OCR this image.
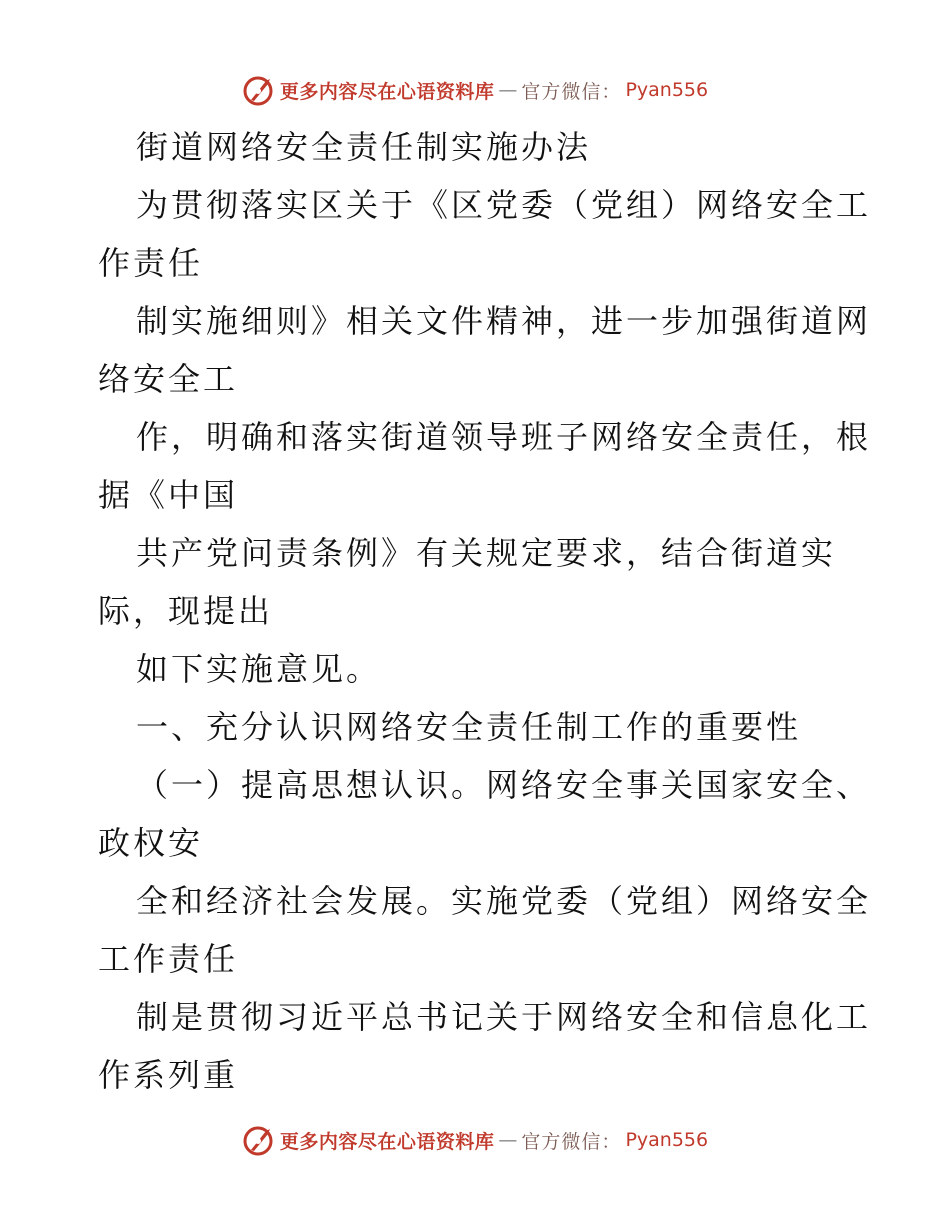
更多内容尽在心语资料库 — 官方微信： Pyan556
街道网络安全责任制实施办法
为贯彻落实区关于《区党委（党组）网络安全工
作责任
制实施细则》相关文件精神，进一步加强街道网
络安全工
作，明确和落实街道领导班子网络安全责任，根
据《中国
共产党问责条例》有关规定要求，结合街道实
际，现提出
如下实施意见。
一、充分认识网络安全责任制工作的重要性
（一）提高思想认识。网络安全事关国家安全、
政权安
全和经济社会发展。实施党委（党组）网络安全
工作责任
制是贯彻习近平总书记关于网络安全和信息化工
作系列重
更多内容尽在心语资料库 — 官方微信： Pyan556
